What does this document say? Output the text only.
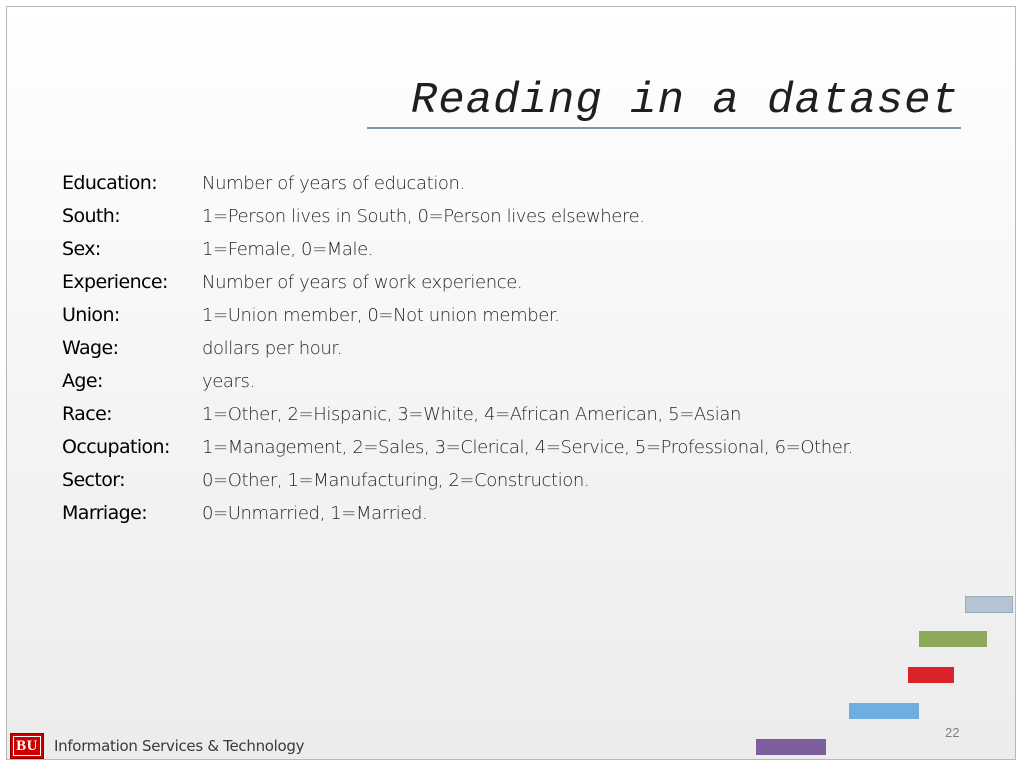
Reading in a dataset
Education:	Number of years of education.
South:	1=Person lives in South, 0=Person lives elsewhere.
Sex:	1=Female, 0=Male.
Experience:	Number of years of work experience.
Union:	1=Union member, 0=Not union member.
Wage:	dollars per hour.
Age:	years.
Race:	1=Other, 2=Hispanic, 3=White, 4=African American, 5=Asian
Occupation:	1=Management, 2=Sales, 3=Clerical, 4=Service, 5=Professional, 6=Other.
Sector:	0=Other, 1=Manufacturing, 2=Construction.
Marriage:	0=Unmarried, 1=Married.
22
BU	Information Services & Technology
